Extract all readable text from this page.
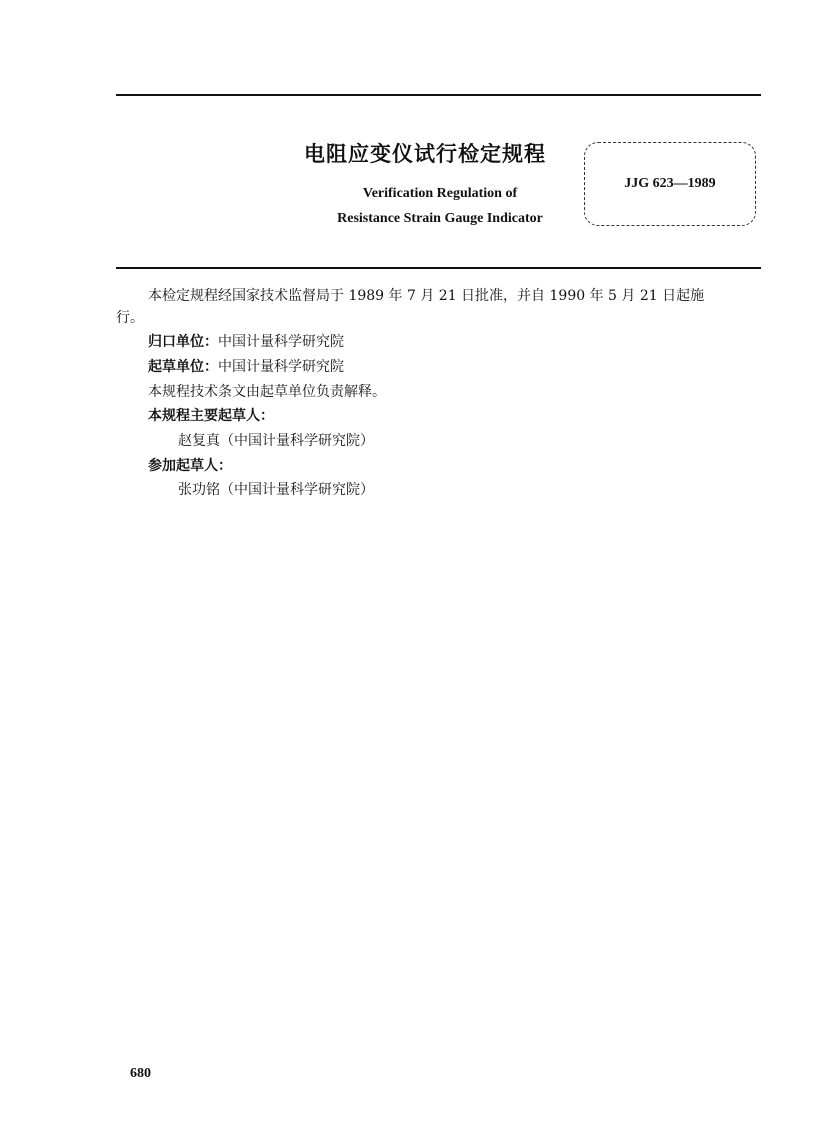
电阻应变仪试行检定规程
Verification Regulation of
Resistance Strain Gauge Indicator
JJG 623—1989
本检定规程经国家技术监督局于 1989 年 7 月 21 日批准，并自 1990 年 5 月 21 日起施
行。
归口单位：中国计量科学研究院
起草单位：中国计量科学研究院
本规程技术条文由起草单位负责解释。
本规程主要起草人：
赵复真（中国计量科学研究院）
参加起草人：
张功铭（中国计量科学研究院）
680
